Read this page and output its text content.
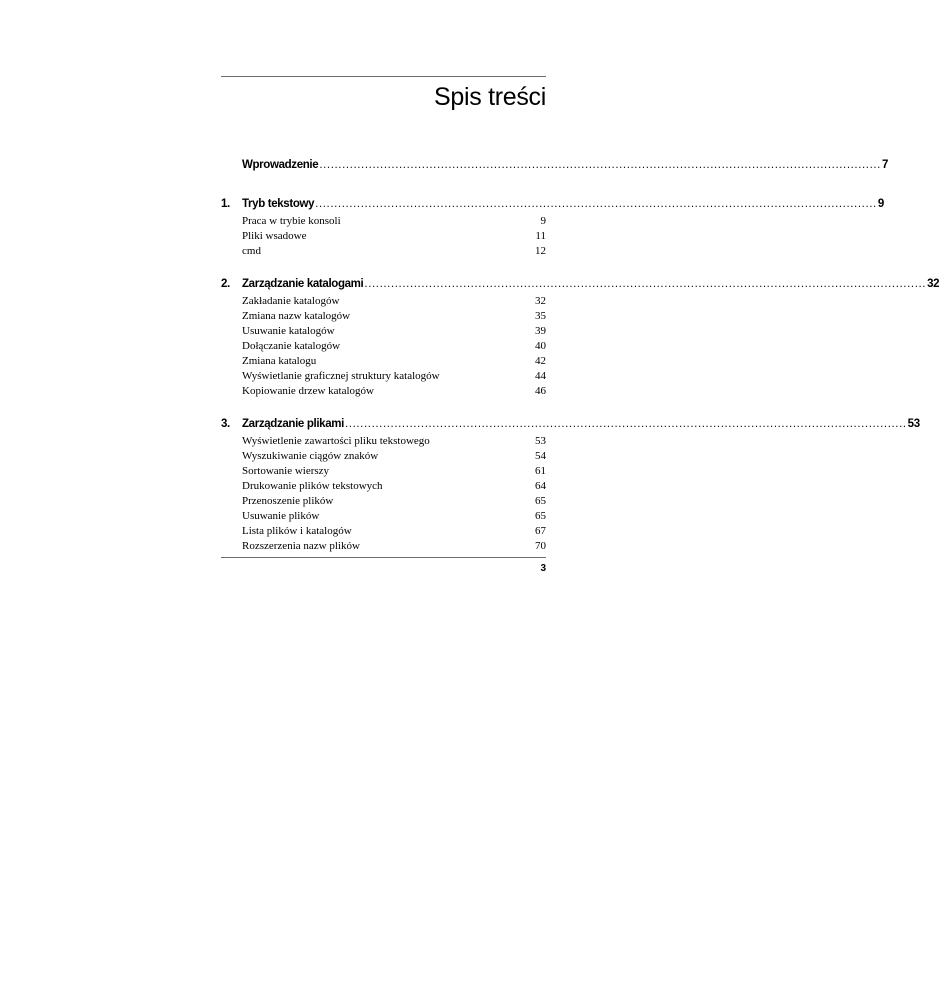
Spis treści
Wprowadzenie .................................................................................................................................................... 7
1.	Tryb tekstowy .................................................................................................................................................... 9
Praca w trybie konsoli	9
Pliki wsadowe	11
cmd	12
2.	Zarządzanie katalogami .................................................................................................................................................... 32
Zakładanie katalogów	32
Zmiana nazw katalogów	35
Usuwanie katalogów	39
Dołączanie katalogów	40
Zmiana katalogu	42
Wyświetlanie graficznej struktury katalogów	44
Kopiowanie drzew katalogów	46
3.	Zarządzanie plikami .................................................................................................................................................... 53
Wyświetlenie zawartości pliku tekstowego	53
Wyszukiwanie ciągów znaków	54
Sortowanie wierszy	61
Drukowanie plików tekstowych	64
Przenoszenie plików	65
Usuwanie plików	65
Lista plików i katalogów	67
Rozszerzenia nazw plików	70
3
